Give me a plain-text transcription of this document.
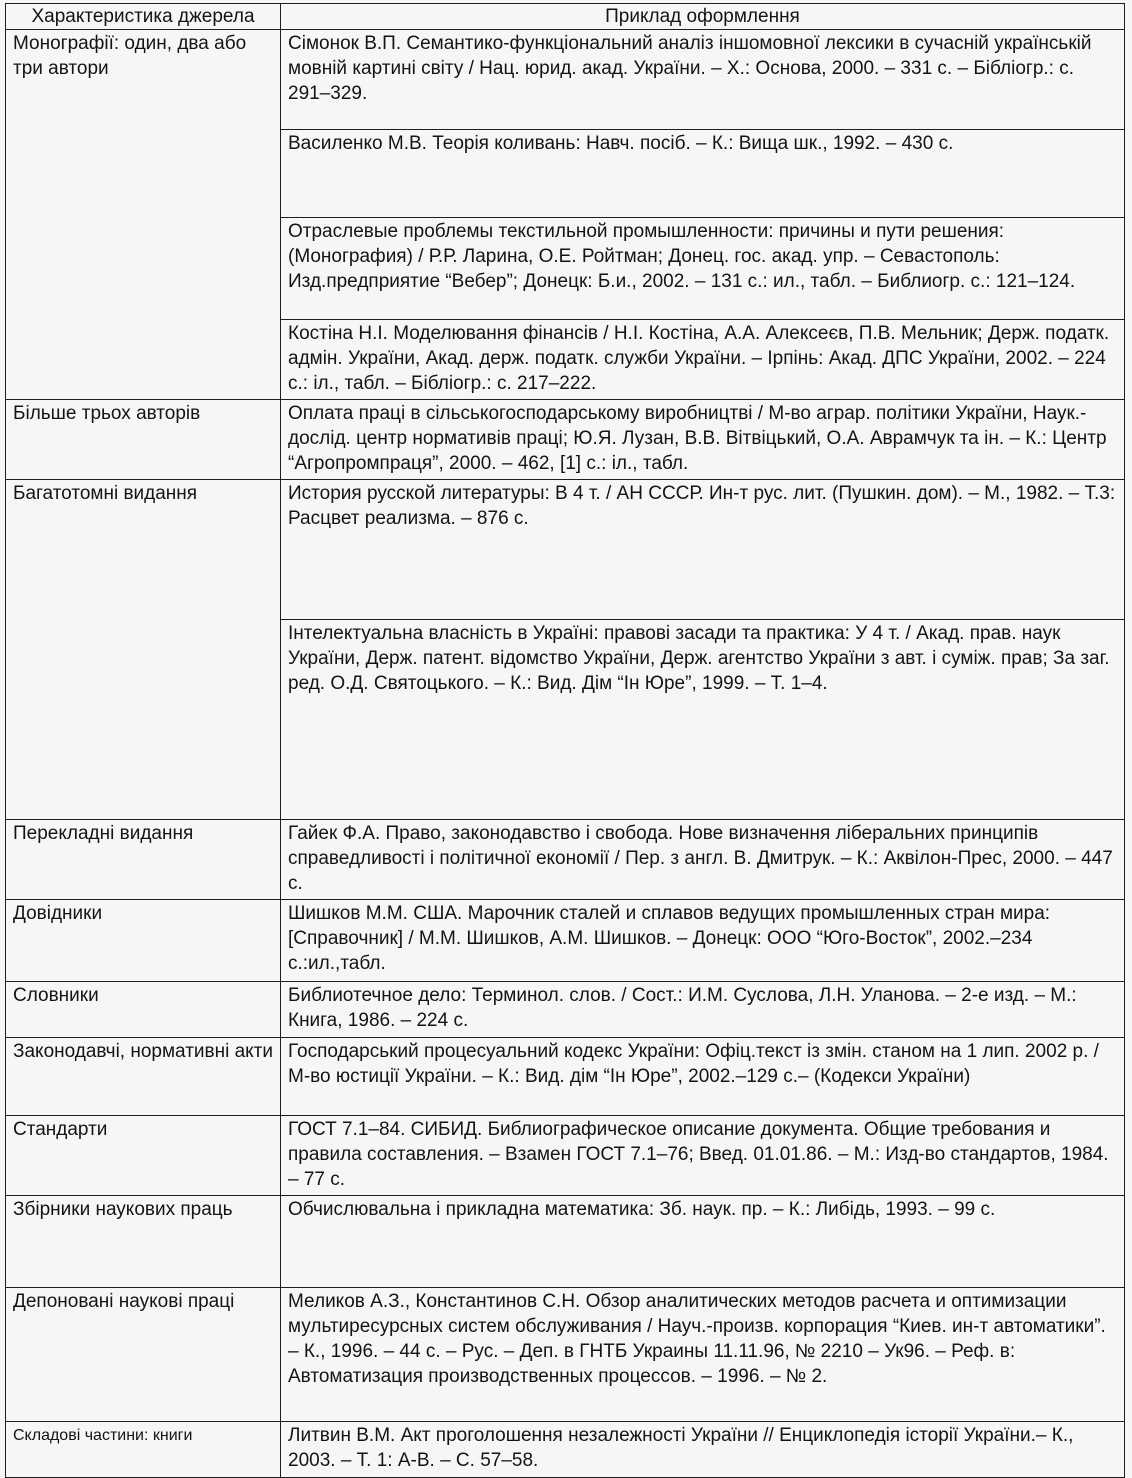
Характеристика джерела	Приклад оформлення
Монографії: один, два або три автори	Сімонок В.П. Семантико-функціональний аналіз іншомовної лексики в сучасній українській мовній картині світу / Нац. юрид. акад. України. – Х.: Основа, 2000. – 331 с. – Бібліогр.: с. 291–329.
	Василенко М.В. Теорія коливань: Навч. посіб. – К.: Вища шк., 1992. – 430 с.
	Отраслевые проблемы текстильной промышленности: причины и пути решения: (Монография) / Р.Р. Ларина, О.Е. Ройтман; Донец. гос. акад. упр. – Севастополь: Изд.предприятие “Вебер”; Донецк: Б.и., 2002. – 131 с.: ил., табл. – Библиогр. с.: 121–124.
	Костіна Н.І. Моделювання фінансів / Н.І. Костіна, А.А. Алексеєв, П.В. Мельник; Держ. податк. адмін. України, Акад. держ. податк. служби України. – Ірпінь: Акад. ДПС України, 2002. – 224 с.: іл., табл. – Бібліогр.: с. 217–222.
Більше трьох авторів	Оплата праці в сільськогосподарському виробництві / М-во аграр. політики України, Наук.-дослід. центр нормативів праці; Ю.Я. Лузан, В.В. Вітвіцький, О.А. Аврамчук та ін. – К.: Центр “Агропромпраця”, 2000. – 462, [1] с.: іл., табл.
Багатотомні видання	История русской литературы: В 4 т. / АН СССР. Ин-т рус. лит. (Пушкин. дом). – М., 1982. – Т.3: Расцвет реализма. – 876 с.
	Інтелектуальна власність в Україні: правові засади та практика: У 4 т. / Акад. прав. наук України, Держ. патент. відомство України, Держ. агентство України з авт. і суміж. прав; За заг. ред. О.Д. Святоцького. – К.: Вид. Дім “Ін Юре”, 1999. – Т. 1–4.
Перекладні видання	Гайек Ф.А. Право, законодавство і свобода. Нове визначення ліберальних принципів справедливості і політичної економії / Пер. з англ. В. Дмитрук. – К.: Аквілон-Прес, 2000. – 447 с.
Довідники	Шишков М.М. США. Марочник сталей и сплавов ведущих промышленных стран мира: [Справочник] / М.М. Шишков, А.М. Шишков. – Донецк: ООО “Юго-Восток”, 2002.–234 с.:ил.,табл.
Словники	Библиотечное дело: Терминол. слов. / Сост.: И.М. Суслова, Л.Н. Уланова. – 2-е изд. – М.: Книга, 1986. – 224 с.
Законодавчі, нормативні акти	Господарський процесуальний кодекс України: Офіц.текст із змін. станом на 1 лип. 2002 р. / М-во юстиції України. – К.: Вид. дім “Ін Юре”, 2002.–129 с.– (Кодекси України)
Стандарти	ГОСТ 7.1–84. СИБИД. Библиографическое описание документа. Общие требования и правила составления. – Взамен ГОСТ 7.1–76; Введ. 01.01.86. – М.: Изд-во стандартов, 1984. – 77 с.
Збірники наукових праць	Обчислювальна і прикладна математика: Зб. наук. пр. – К.: Либідь, 1993. – 99 с.
Депоновані наукові праці	Меликов А.З., Константинов С.Н. Обзор аналитических методов расчета и оптимизации мультиресурсных систем обслуживания / Науч.-произв. корпорация “Киев. ин-т автоматики”. – К., 1996. – 44 с. – Рус. – Деп. в ГНТБ Украины 11.11.96, № 2210 – Ук96. – Реф. в: Автоматизация производственных процессов. – 1996. – № 2.
Складові частини: книги	Литвин В.М. Акт проголошення незалежності України // Енциклопедія історії України.– К., 2003. – Т. 1: А-В. – С. 57–58.
